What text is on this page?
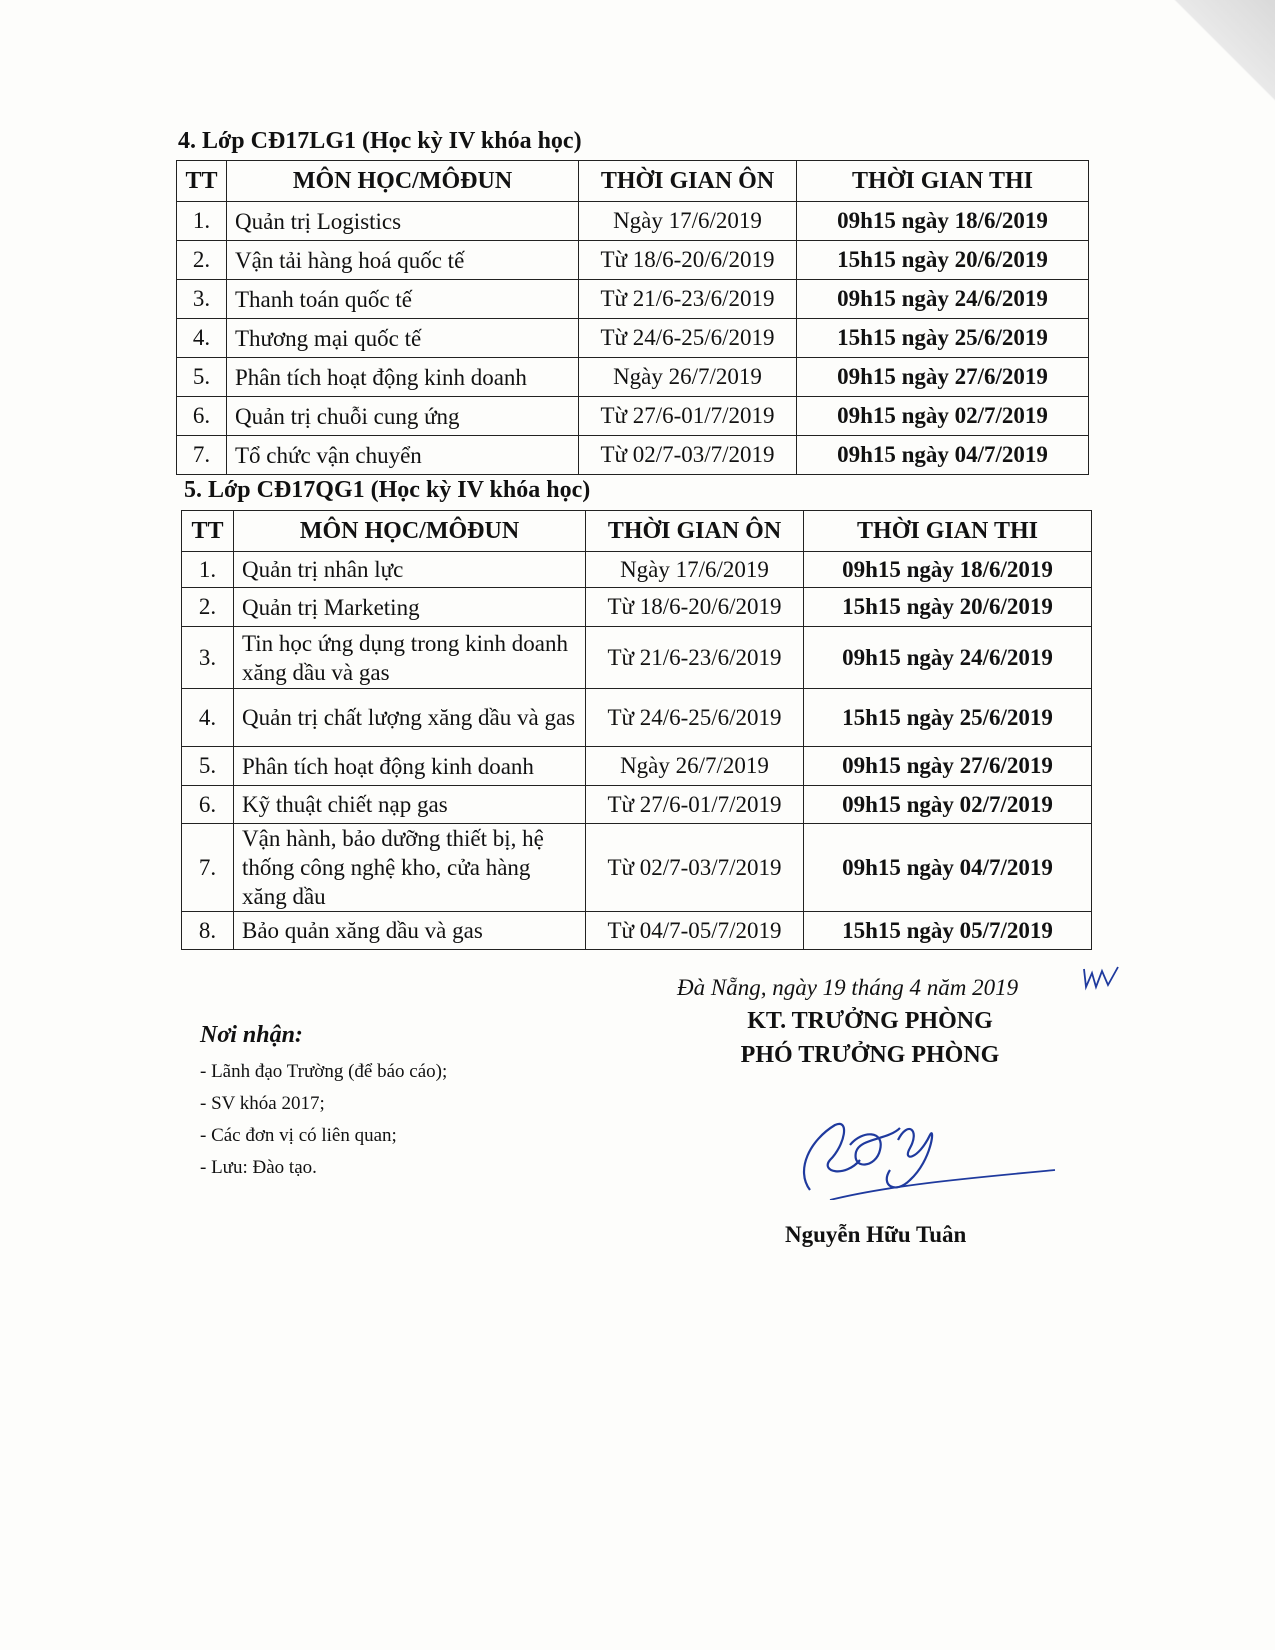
4. Lớp CĐ17LG1 (Học kỳ IV khóa học)
TT	MÔN HỌC/MÔĐUN	THỜI GIAN ÔN	THỜI GIAN THI
1.	Quản trị Logistics	Ngày 17/6/2019	09h15 ngày 18/6/2019
2.	Vận tải hàng hoá quốc tế	Từ 18/6-20/6/2019	15h15 ngày 20/6/2019
3.	Thanh toán quốc tế	Từ 21/6-23/6/2019	09h15 ngày 24/6/2019
4.	Thương mại quốc tế	Từ 24/6-25/6/2019	15h15 ngày 25/6/2019
5.	Phân tích hoạt động kinh doanh	Ngày 26/7/2019	09h15 ngày 27/6/2019
6.	Quản trị chuỗi cung ứng	Từ 27/6-01/7/2019	09h15 ngày 02/7/2019
7.	Tổ chức vận chuyển	Từ 02/7-03/7/2019	09h15 ngày 04/7/2019
5. Lớp CĐ17QG1 (Học kỳ IV khóa học)
TT	MÔN HỌC/MÔĐUN	THỜI GIAN ÔN	THỜI GIAN THI
1.	Quản trị nhân lực	Ngày 17/6/2019	09h15 ngày 18/6/2019
2.	Quản trị Marketing	Từ 18/6-20/6/2019	15h15 ngày 20/6/2019
3.	Tin học ứng dụng trong kinh doanh xăng dầu và gas	Từ 21/6-23/6/2019	09h15 ngày 24/6/2019
4.	Quản trị chất lượng xăng dầu và gas	Từ 24/6-25/6/2019	15h15 ngày 25/6/2019
5.	Phân tích hoạt động kinh doanh	Ngày 26/7/2019	09h15 ngày 27/6/2019
6.	Kỹ thuật chiết nạp gas	Từ 27/6-01/7/2019	09h15 ngày 02/7/2019
7.	Vận hành, bảo dưỡng thiết bị, hệ thống công nghệ kho, cửa hàng xăng dầu	Từ 02/7-03/7/2019	09h15 ngày 04/7/2019
8.	Bảo quản xăng dầu và gas	Từ 04/7-05/7/2019	15h15 ngày 05/7/2019
Đà Nẵng, ngày 19 tháng 4 năm 2019
KT. TRƯỞNG PHÒNG
PHÓ TRƯỞNG PHÒNG
Nơi nhận:
- Lãnh đạo Trường (để báo cáo);
- SV khóa 2017;
- Các đơn vị có liên quan;
- Lưu: Đào tạo.
Nguyễn Hữu Tuân
